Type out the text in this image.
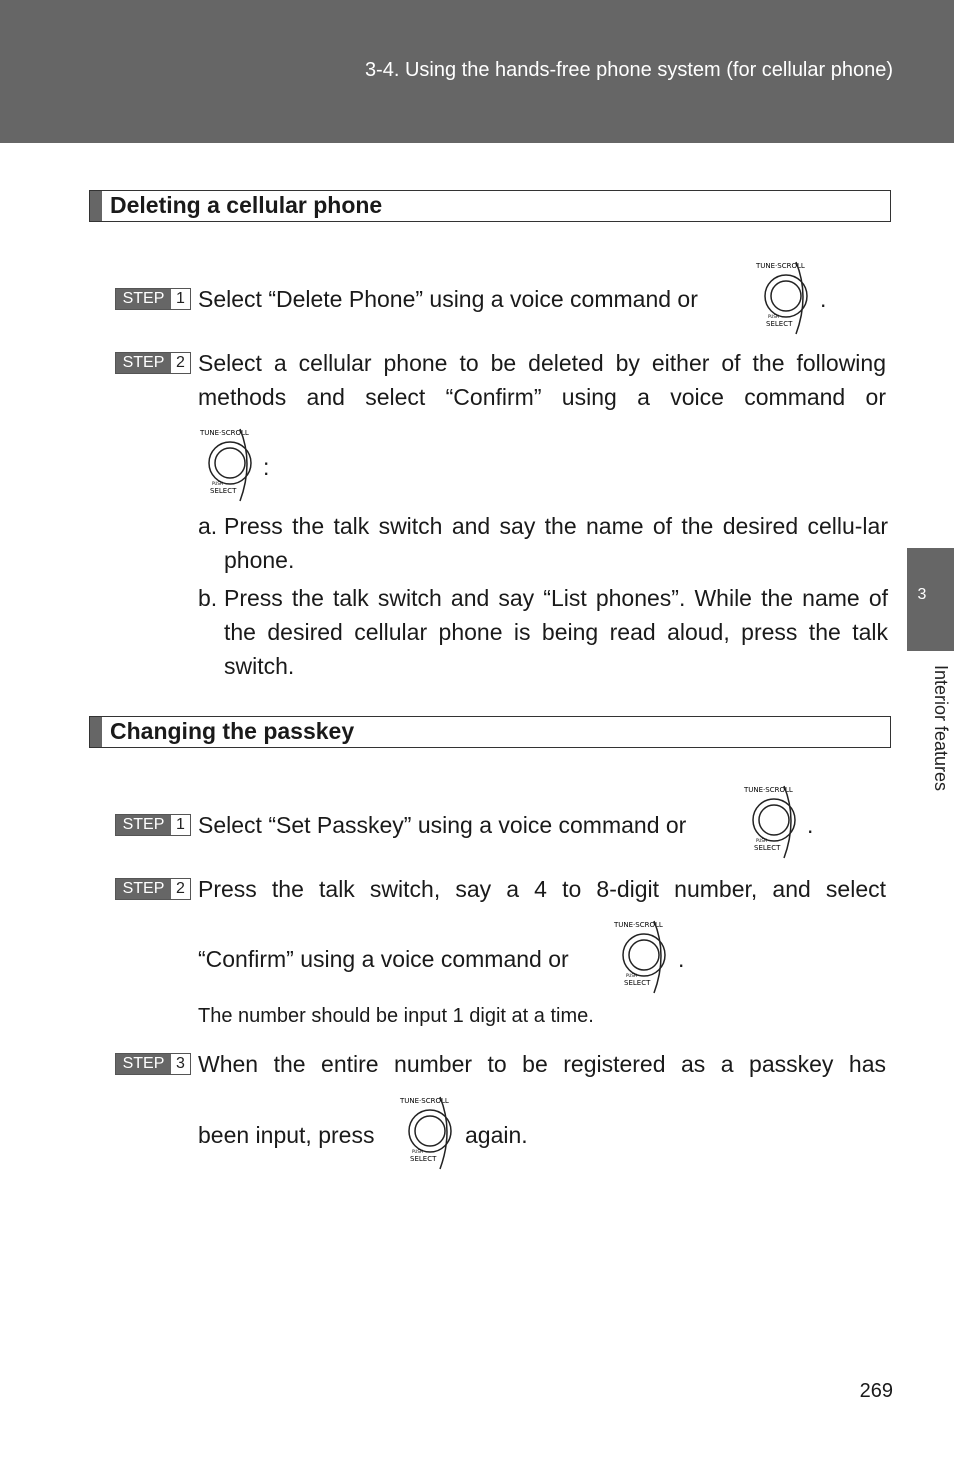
3-4. Using the hands-free phone system (for cellular phone)
Deleting a cellular phone
STEP 1 Select “Delete Phone” using a voice command or
TUNE·SCROLL
PUSH
SELECT
.
STEP 2 Select a cellular phone to be deleted by either of the following
methods and select “Confirm” using a voice command or
TUNE·SCROLL
PUSH
SELECT
:
a. Press the talk switch and say the name of the desired cellu-lar phone.
b. Press the talk switch and say “List phones”. While the name of the desired cellular phone is being read aloud, press the talk switch.
Changing the passkey
STEP 1 Select “Set Passkey” using a voice command or
TUNE·SCROLL
PUSH
SELECT
.
STEP 2 Press the talk switch, say a 4 to 8-digit number, and select
“Confirm” using a voice command or
TUNE·SCROLL
PUSH
SELECT
.
The number should be input 1 digit at a time.
STEP 3 When the entire number to be registered as a passkey has
been input, press
TUNE·SCROLL
PUSH
SELECT
again.
3
Interior features
269
